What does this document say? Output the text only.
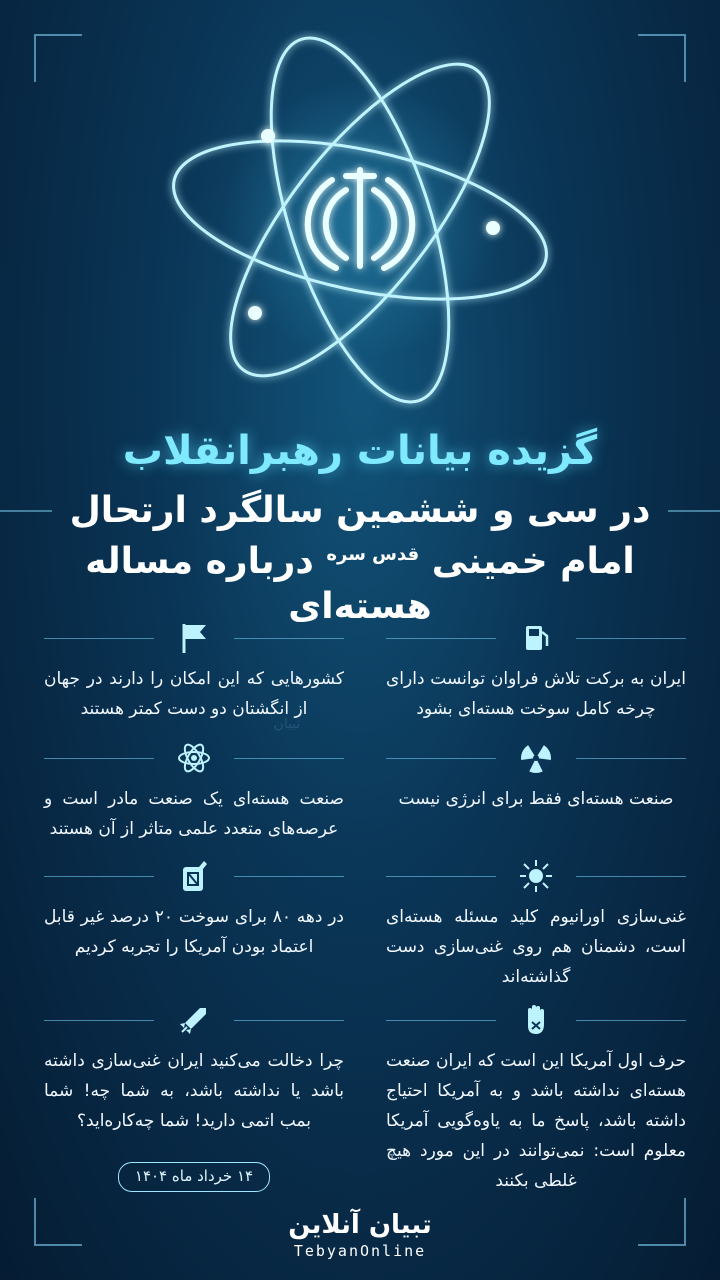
گزیده بیانات رهبرانقلاب
در سی و ششمین سالگرد ارتحال
امام خمینی $^{قدس سره}$ درباره مساله هسته‌ای
ایران به برکت تلاش فراوان توانست دارای چرخه کامل سوخت هسته‌ای بشود
صنعت هسته‌ای فقط برای انرژی نیست
غنی‌سازی اورانیوم کلید مسئله هسته‌ای است، دشمنان هم روی غنی‌سازی دست گذاشته‌اند
حرف اول آمریکا این است که ایران صنعت هسته‌ای نداشته باشد و به آمریکا احتیاج داشته باشد، پاسخ ما به یاوه‌گویی آمریکا معلوم است: نمی‌توانند در این مورد هیچ غلطی بکنند
کشورهایی که این امکان را دارند در جهان از انگشتان دو دست کمتر هستند
صنعت هسته‌ای یک صنعت مادر است و عرصه‌های متعدد علمی متاثر از آن هستند
در دهه ۸۰ برای سوخت ۲۰ درصد غیر قابل اعتماد بودن آمریکا را تجربه کردیم
چرا دخالت می‌کنید ایران غنی‌سازی داشته باشد یا نداشته باشد، به شما چه! شما بمب اتمی دارید! شما چه‌کاره‌اید؟
تبیان
۱۴ خرداد ماه ۱۴۰۴
تبیان آنلاین
TebyanOnline
